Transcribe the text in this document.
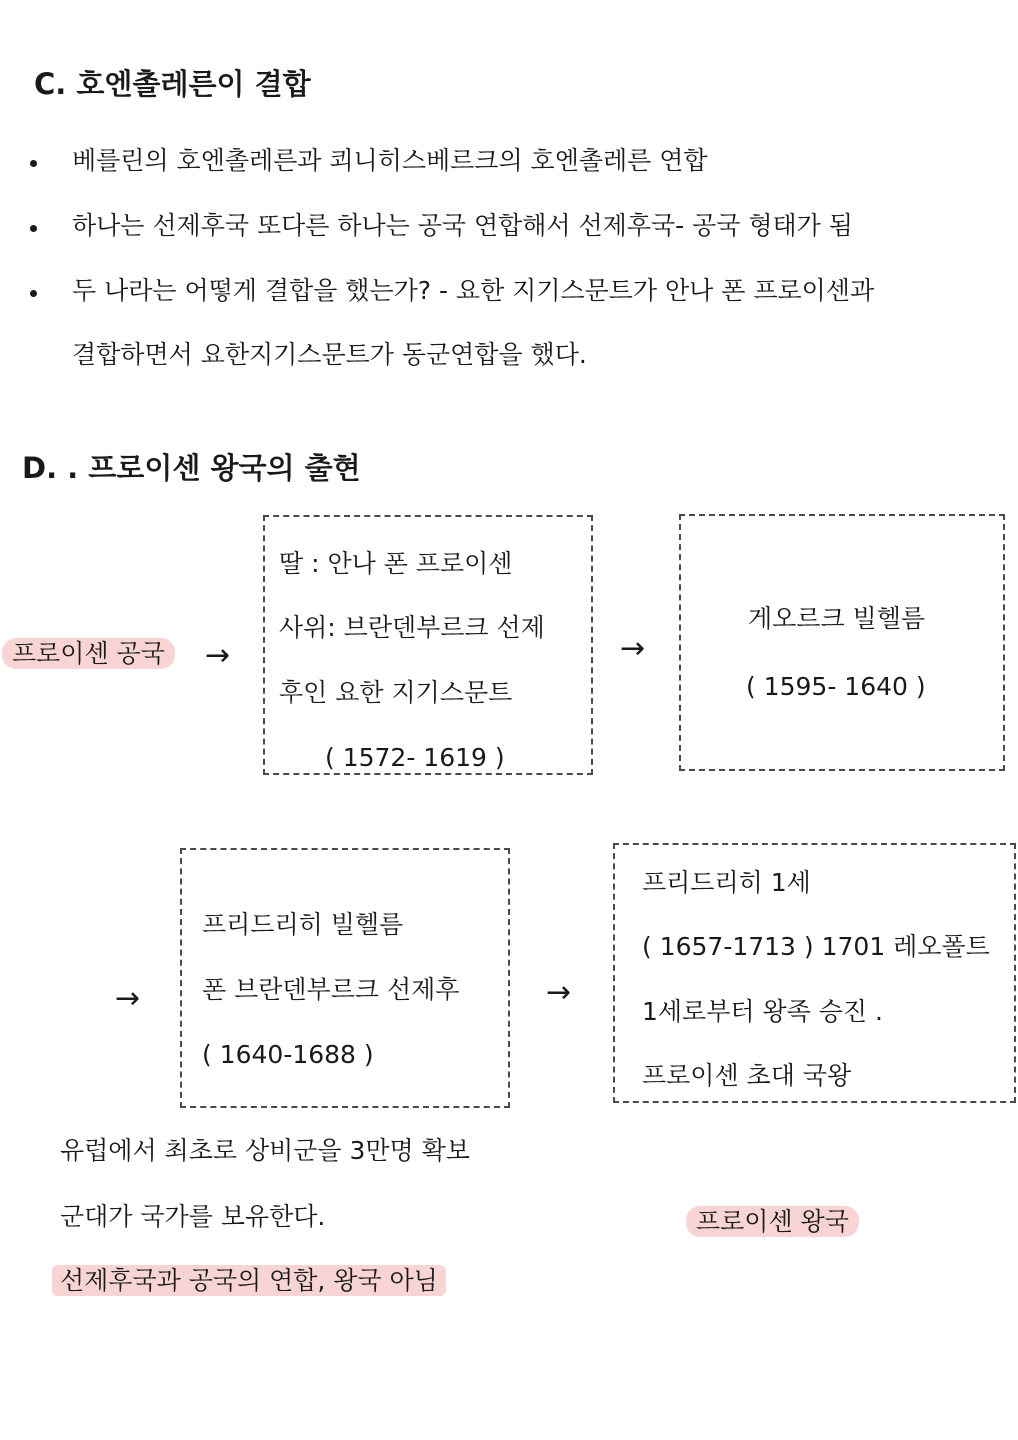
C. 호엔촐레른이 결합
베를린의 호엔촐레른과 쾨니히스베르크의 호엔촐레른 연합
하나는 선제후국 또다른 하나는 공국 연합해서 선제후국- 공국 형태가 됨
두 나라는 어떻게 결합을 했는가? - 요한 지기스문트가 안나 폰 프로이센과
결합하면서 요한지기스문트가 동군연합을 했다.
D. . 프로이센 왕국의 출현
프로이센 공국	→
딸 : 안나 폰 프로이센
사위: 브란덴부르크 선제
후인 요한 지기스문트
( 1572- 1619 )
→
게오르크 빌헬름
( 1595- 1640 )
→
프리드리히 빌헬름
폰 브란덴부르크 선제후
( 1640-1688 )
→
프리드리히 1세
( 1657-1713 ) 1701 레오폴트
1세로부터 왕족 승진 .
프로이센 초대 국왕
유럽에서 최초로 상비군을 3만명 확보
군대가 국가를 보유한다.
선제후국과 공국의 연합, 왕국 아님
프로이센 왕국
